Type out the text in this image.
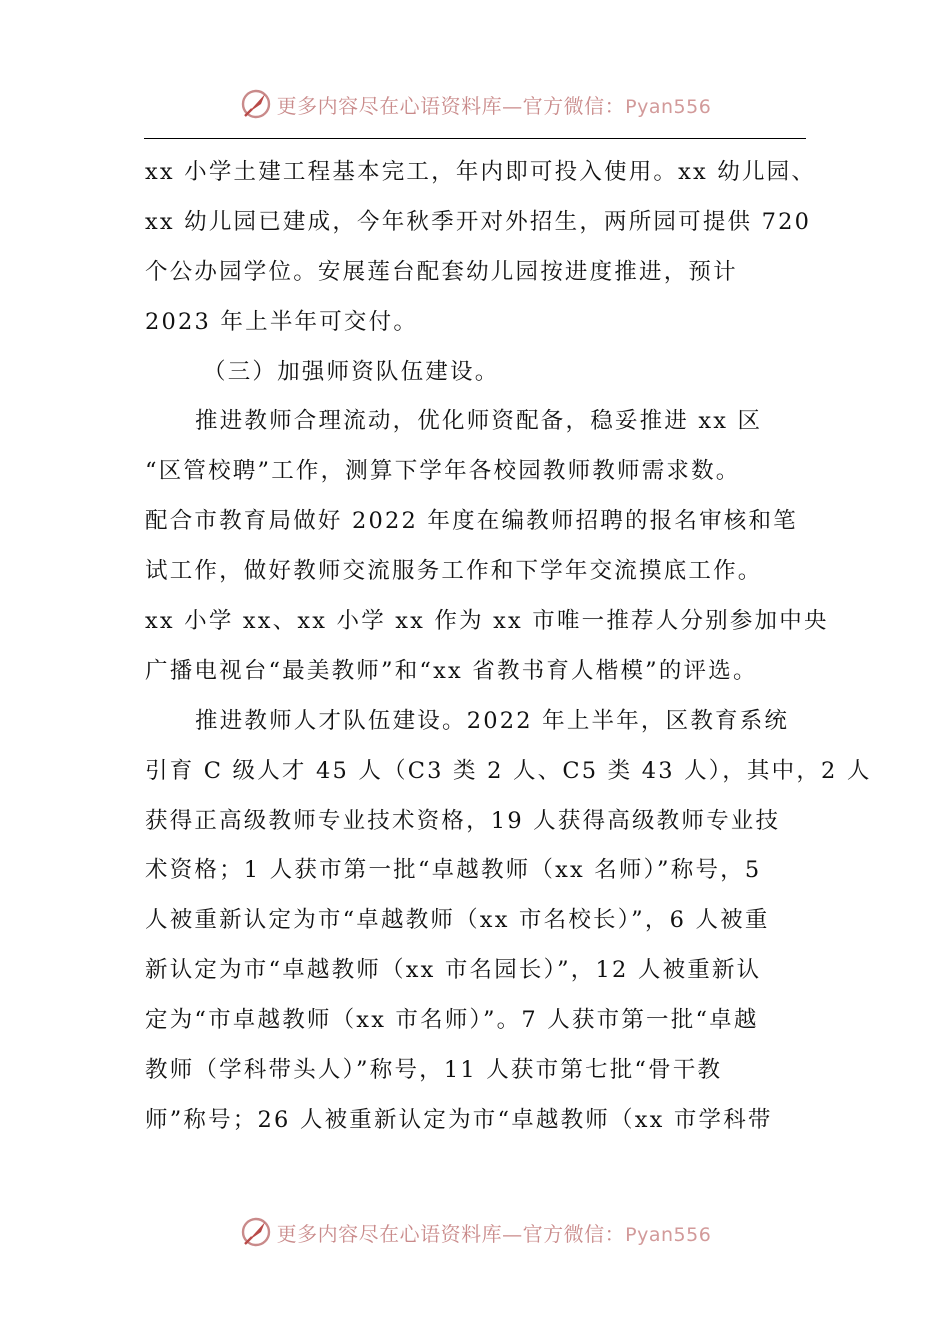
更多内容尽在心语资料库—官方微信：Pyan556
xx 小学土建工程基本完工，年内即可投入使用。xx 幼儿园、
xx 幼儿园已建成，今年秋季开对外招生，两所园可提供 720
个公办园学位。安展莲台配套幼儿园按进度推进，预计
2023 年上半年可交付。
（三）加强师资队伍建设。
推进教师合理流动，优化师资配备，稳妥推进 xx 区
“区管校聘”工作，测算下学年各校园教师教师需求数。
配合市教育局做好 2022 年度在编教师招聘的报名审核和笔
试工作，做好教师交流服务工作和下学年交流摸底工作。
xx 小学 xx、xx 小学 xx 作为 xx 市唯一推荐人分别参加中央
广播电视台“最美教师”和“xx 省教书育人楷模”的评选。
推进教师人才队伍建设。2022 年上半年，区教育系统
引育 C 级人才 45 人（C3 类 2 人、C5 类 43 人），其中，2 人
获得正高级教师专业技术资格，19 人获得高级教师专业技
术资格；1 人获市第一批“卓越教师（xx 名师）”称号，5
人被重新认定为市“卓越教师（xx 市名校长）”，6 人被重
新认定为市“卓越教师（xx 市名园长）”，12 人被重新认
定为“市卓越教师（xx 市名师）”。7 人获市第一批“卓越
教师（学科带头人）”称号，11 人获市第七批“骨干教
师”称号；26 人被重新认定为市“卓越教师（xx 市学科带
更多内容尽在心语资料库—官方微信：Pyan556
